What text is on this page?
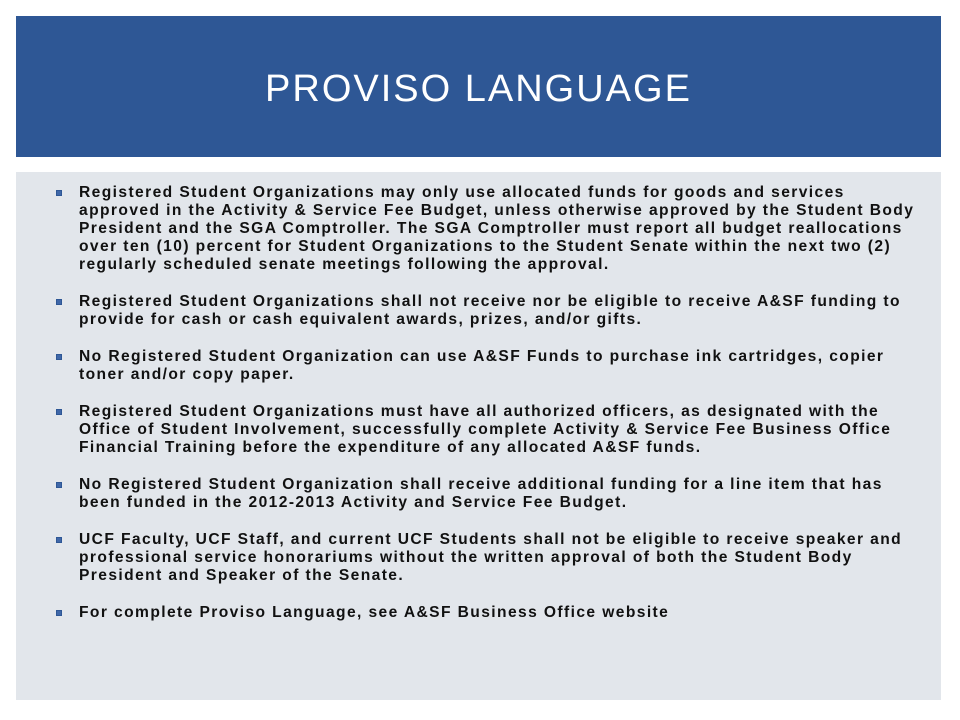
PROVISO LANGUAGE
Registered Student Organizations may only use allocated funds for goods and services approved in the Activity & Service Fee Budget, unless otherwise approved by the Student Body President and the SGA Comptroller. The SGA Comptroller must report all budget reallocations over ten (10) percent for Student Organizations to the Student Senate within the next two (2) regularly scheduled senate meetings following the approval.
Registered Student Organizations shall not receive nor be eligible to receive A&SF funding to provide for cash or cash equivalent awards, prizes, and/or gifts.
No Registered Student Organization can use A&SF Funds to purchase ink cartridges, copier toner and/or copy paper.
Registered Student Organizations must have all authorized officers, as designated with the Office of Student Involvement, successfully complete Activity & Service Fee Business Office Financial Training before the expenditure of any allocated A&SF funds.
No Registered Student Organization shall receive additional funding for a line item that has been funded in the 2012-2013 Activity and Service Fee Budget.
UCF Faculty, UCF Staff, and current UCF Students shall not be eligible to receive speaker and professional service honorariums without the written approval of both the Student Body President and Speaker of the Senate.
For complete Proviso Language, see A&SF Business Office website
